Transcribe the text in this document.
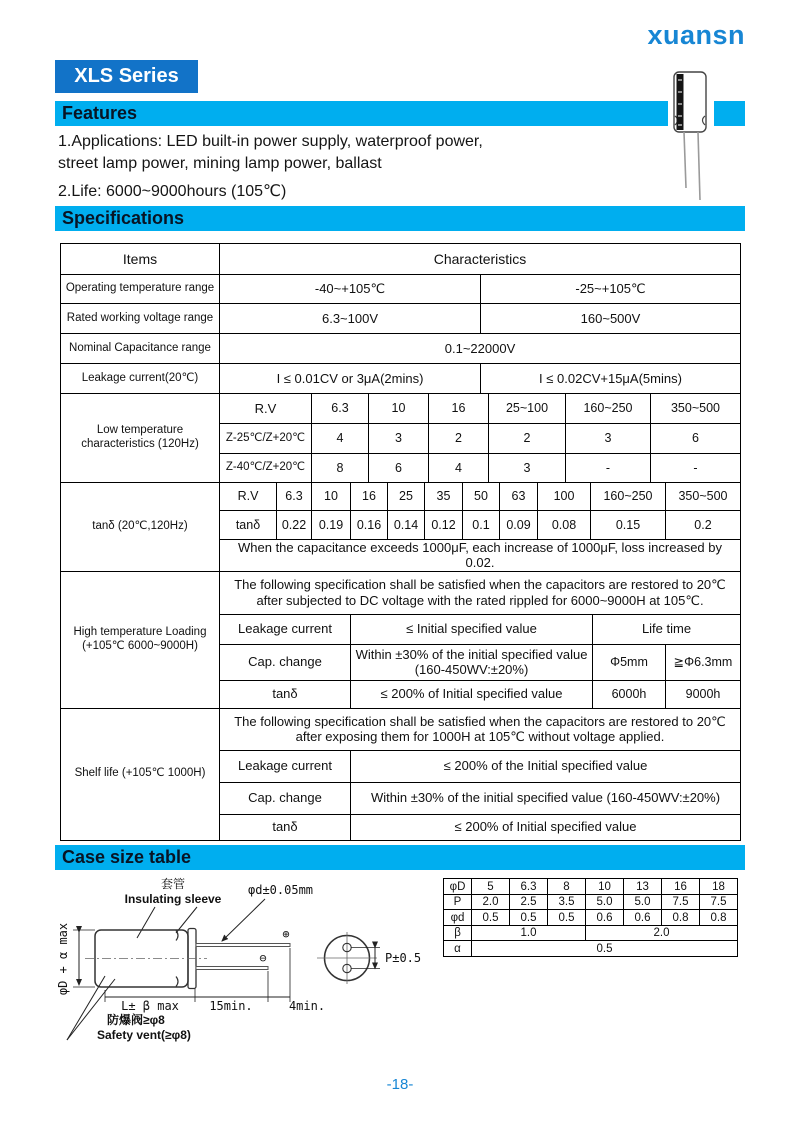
xuansn
XLS Series
Features
1.Applications: LED built-in power supply, waterproof power,
street lamp power, mining lamp power, ballast
2.Life: 6000~9000hours (105℃)
Specifications
Items	Characteristics	
Operating temperature range	-40~+105℃	-25~+105℃
Rated working voltage range	6.3~100V	160~500V
Nominal Capacitance range	0.1~22000V	
Leakage current(20℃)	I ≤ 0.01CV or 3μA(2mins)	I ≤ 0.02CV+15μA(5mins)
Low temperature characteristics (120Hz)	R.V	6.3	10	16	25~100	160~250	350~500
	Z-25℃/Z+20℃	4	3	2	2	3	6
	Z-40℃/Z+20℃	8	6	4	3	-	-
tanδ (20℃,120Hz)	R.V	6.3	10	16	25	35	50	63	100	160~250	350~500
	tanδ	0.22	0.19	0.16	0.14	0.12	0.1	0.09	0.08	0.15	0.2
	When the capacitance exceeds 1000μF, each increase of 1000μF, loss increased by 0.02.										
High temperature Loading (+105℃ 6000~9000H)	The following specification shall be satisfied when the capacitors are restored to 20℃ after subjected to DC voltage with the rated rippled for 6000~9000H at 105℃.			
	Leakage current	≤ Initial specified value	Life time	
	Cap. change	Within ±30% of the initial specified value (160-450WV:±20%)	Φ5mm	≧Φ6.3mm
	tanδ	≤ 200% of Initial specified value	6000h	9000h
Shelf life (+105℃ 1000H)	The following specification shall be satisfied when the capacitors are restored to 20℃ after exposing them for 1000H at 105℃ without voltage applied.	
	Leakage current	≤ 200% of the Initial specified value
	Cap. change	Within ±30% of the initial specified value (160-450WV:±20%)
	tanδ	≤ 200% of Initial specified value
Case size table
套管
Insulating sleeve
φd±0.05mm
⊕
⊖
φD + α max
L± β max	15min.	4min.
防爆阀≥φ8
Safety vent(≥φ8)
P±0.5
φD	5	6.3	8	10	13	16	18
P	2.0	2.5	3.5	5.0	5.0	7.5	7.5
φd	0.5	0.5	0.5	0.6	0.6	0.8	0.8
β	1.0			2.0			
α	0.5						
-18-
